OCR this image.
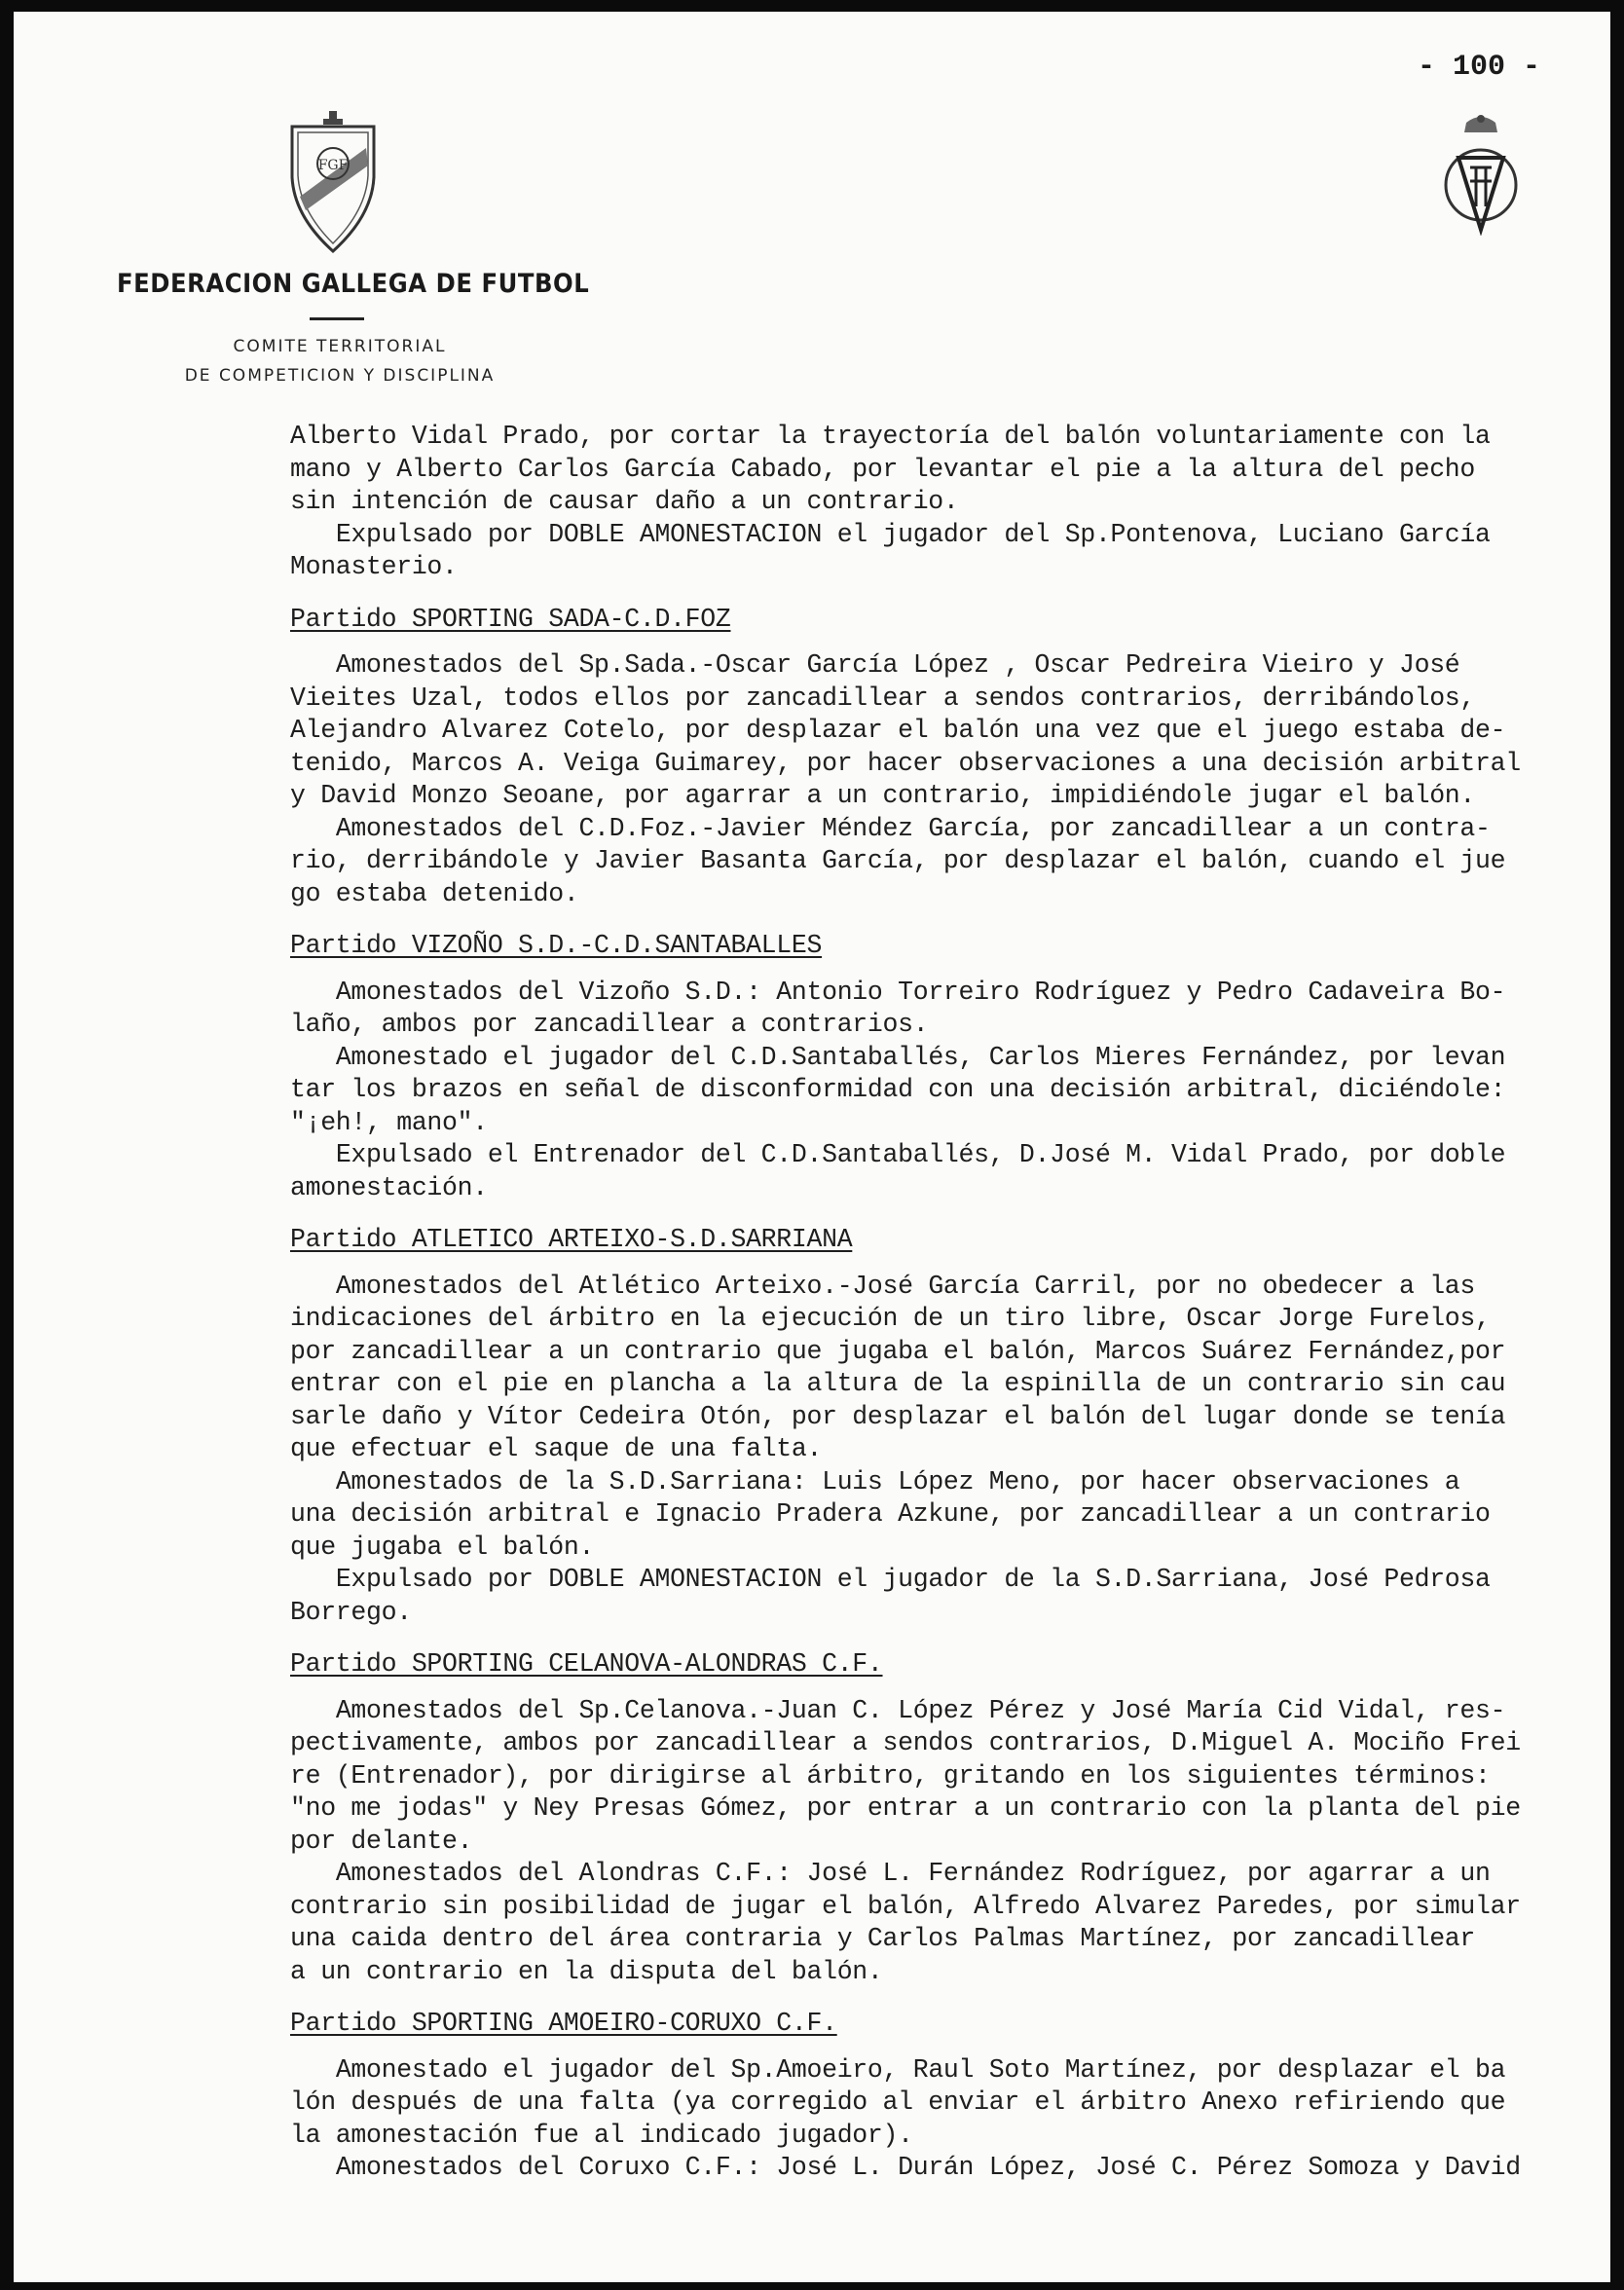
- 100 -
FGF
FEDERACION GALLEGA DE FUTBOL
COMITE TERRITORIAL
DE COMPETICION Y DISCIPLINA
Alberto Vidal Prado, por cortar la trayectoría del balón voluntariamente con la
mano y Alberto Carlos García Cabado, por levantar el pie a la altura del pecho
sin intención de causar daño a un contrario.
Expulsado por DOBLE AMONESTACION el jugador del Sp.Pontenova, Luciano García
Monasterio.
Partido SPORTING SADA-C.D.FOZ
Amonestados del Sp.Sada.-Oscar García López , Oscar Pedreira Vieiro y José
Vieites Uzal, todos ellos por zancadillear a sendos contrarios, derribándolos,
Alejandro Alvarez Cotelo, por desplazar el balón una vez que el juego estaba de-
tenido, Marcos A. Veiga Guimarey, por hacer observaciones a una decisión arbitral
y David Monzo Seoane, por agarrar a un contrario, impidiéndole jugar el balón.
Amonestados del C.D.Foz.-Javier Méndez García, por zancadillear a un contra-
rio, derribándole y Javier Basanta García, por desplazar el balón, cuando el jue
go estaba detenido.
Partido VIZOÑO S.D.-C.D.SANTABALLES
Amonestados del Vizoño S.D.: Antonio Torreiro Rodríguez y Pedro Cadaveira Bo-
laño, ambos por zancadillear a contrarios.
Amonestado el jugador del C.D.Santaballés, Carlos Mieres Fernández, por levan
tar los brazos en señal de disconformidad con una decisión arbitral, diciéndole:
"¡eh!, mano".
Expulsado el Entrenador del C.D.Santaballés, D.José M. Vidal Prado, por doble
amonestación.
Partido ATLETICO ARTEIXO-S.D.SARRIANA
Amonestados del Atlético Arteixo.-José García Carril, por no obedecer a las
indicaciones del árbitro en la ejecución de un tiro libre, Oscar Jorge Furelos,
por zancadillear a un contrario que jugaba el balón, Marcos Suárez Fernández,por
entrar con el pie en plancha a la altura de la espinilla de un contrario sin cau
sarle daño y Vítor Cedeira Otón, por desplazar el balón del lugar donde se tenía
que efectuar el saque de una falta.
Amonestados de la S.D.Sarriana: Luis López Meno, por hacer observaciones a
una decisión arbitral e Ignacio Pradera Azkune, por zancadillear a un contrario
que jugaba el balón.
Expulsado por DOBLE AMONESTACION el jugador de la S.D.Sarriana, José Pedrosa
Borrego.
Partido SPORTING CELANOVA-ALONDRAS C.F.
Amonestados del Sp.Celanova.-Juan C. López Pérez y José María Cid Vidal, res-
pectivamente, ambos por zancadillear a sendos contrarios, D.Miguel A. Mociño Frei
re (Entrenador), por dirigirse al árbitro, gritando en los siguientes términos:
"no me jodas" y Ney Presas Gómez, por entrar a un contrario con la planta del pie
por delante.
Amonestados del Alondras C.F.: José L. Fernández Rodríguez, por agarrar a un
contrario sin posibilidad de jugar el balón, Alfredo Alvarez Paredes, por simular
una caida dentro del área contraria y Carlos Palmas Martínez, por zancadillear
a un contrario en la disputa del balón.
Partido SPORTING AMOEIRO-CORUXO C.F.
Amonestado el jugador del Sp.Amoeiro, Raul Soto Martínez, por desplazar el ba
lón después de una falta (ya corregido al enviar el árbitro Anexo refiriendo que
la amonestación fue al indicado jugador).
Amonestados del Coruxo C.F.: José L. Durán López, José C. Pérez Somoza y David
